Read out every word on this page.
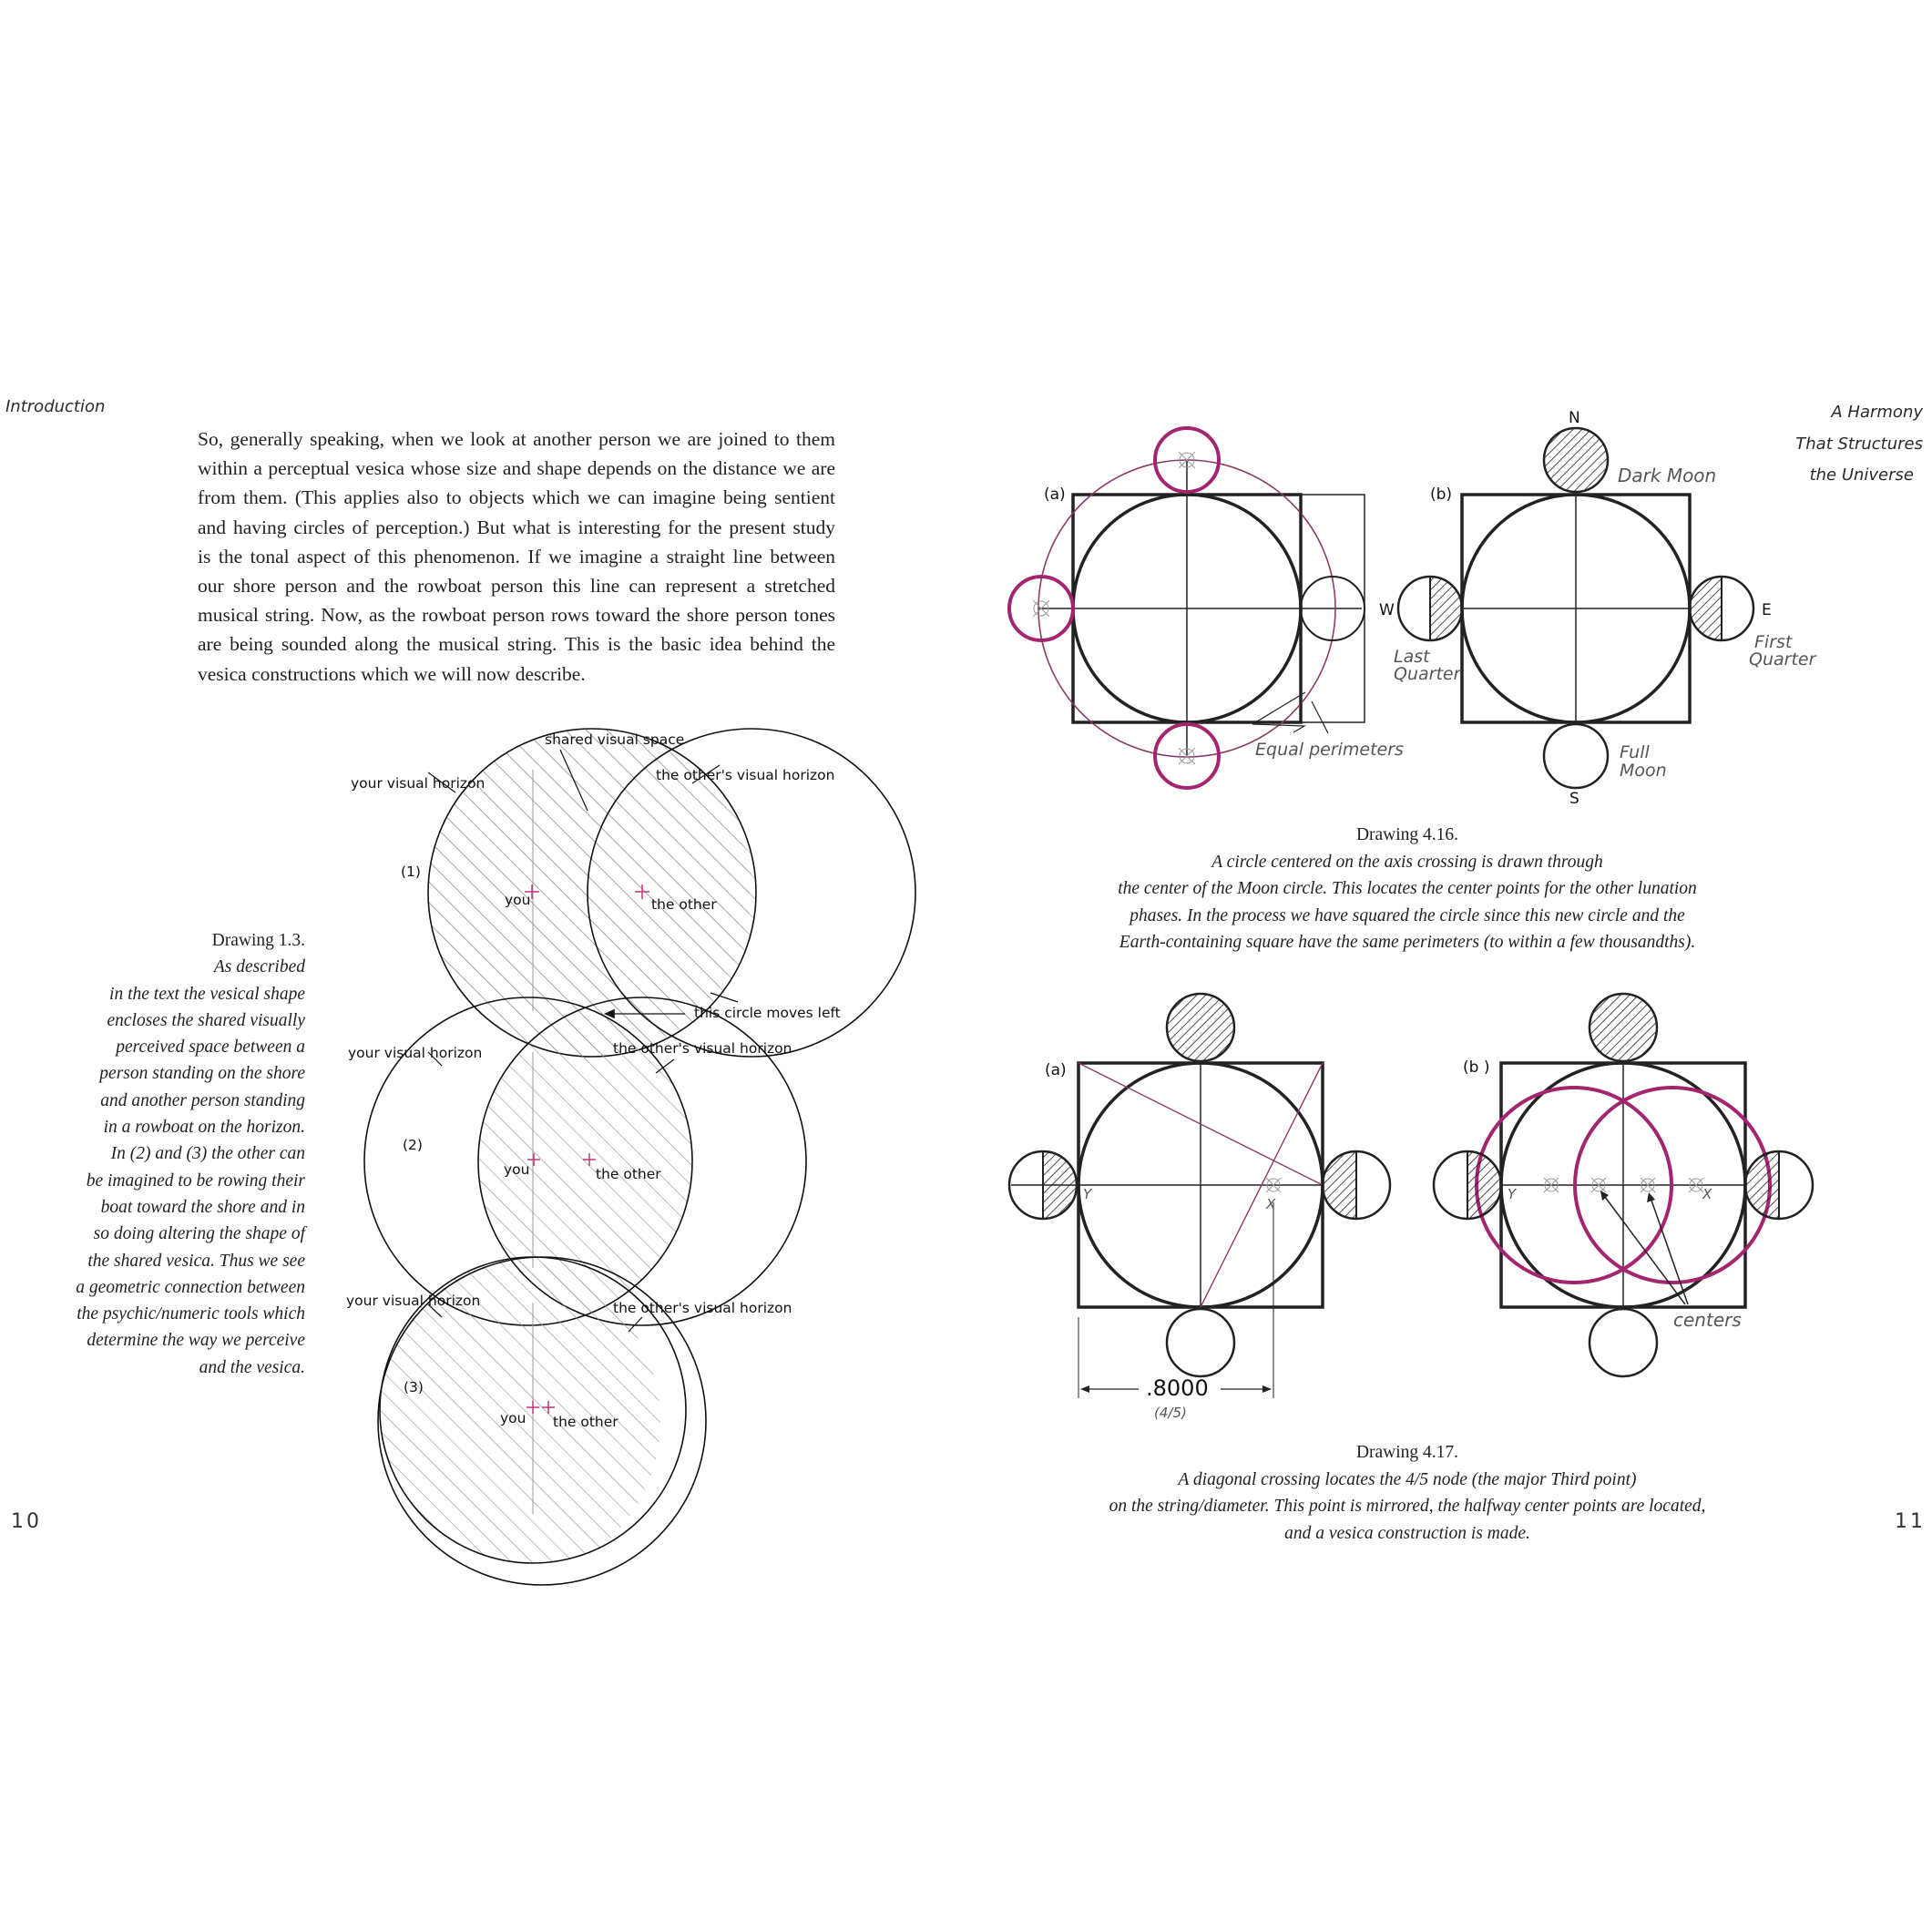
Introduction	A Harmony
That Structures
the Universe
10	11
So, generally speaking, when we look at another person we are joined to them
within a perceptual vesica whose size and shape depends on the distance we are
from them. (This applies also to objects which we can imagine being sentient
and having circles of perception.) But what is interesting for the present study
is the tonal aspect of this phenomenon. If we imagine a straight line between
our shore person and the rowboat person this line can represent a stretched
musical string. Now, as the rowboat person rows toward the shore person tones
are being sounded along the musical string. This is the basic idea behind the
vesica constructions which we will now describe.
Drawing 1.3.
As described
in the text the vesical shape
encloses the shared visually
perceived space between a
person standing on the shore
and another person standing
in a rowboat on the horizon.
In (2) and (3) the other can
be imagined to be rowing their
boat toward the shore and in
so doing altering the shape of
the shared vesica. Thus we see
a geometric connection between
the psychic/numeric tools which
determine the way we perceive
and the vesica.
Drawing 4.16.
A circle centered on the axis crossing is drawn through
the center of the Moon circle. This locates the center points for the other lunation
phases. In the process we have squared the circle since this new circle and the
Earth-containing square have the same perimeters (to within a few thousandths).
Drawing 4.17.
A diagonal crossing locates the 4/5 node (the major Third point)
on the string/diameter. This point is mirrored, the halfway center points are located,
and a vesica construction is made.
shared visual space
your visual horizon	the other's visual horizon
(1)
you	the other
this circle moves left
your visual horizon	the other's visual horizon
(2)
you	the other
your visual horizon	the other's visual horizon
(3)
you the other
(a)
Equal perimeters
(b)
N
S
E
W
Dark Moon
Last
Quarter
First
Quarter
Full
Moon
(a)
Y
X
.8000
(4/5)
(b )
Y	X
centers
